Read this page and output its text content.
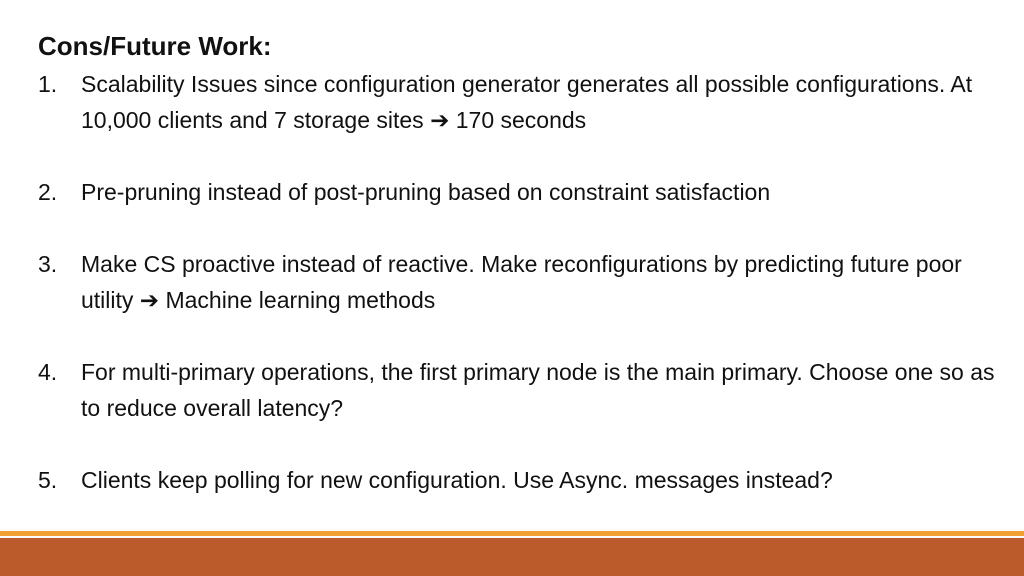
Cons/Future Work:
1.	Scalability Issues since configuration generator generates all possible configurations. At 10,000 clients and 7 storage sites ➔ 170 seconds
2.	Pre-pruning instead of post-pruning based on constraint satisfaction
3.	Make CS proactive instead of reactive. Make reconfigurations by predicting future poor utility ➔ Machine learning methods
4.	For multi-primary operations, the first primary node is the main primary. Choose one so as to reduce overall latency?
5.	Clients keep polling for new configuration. Use Async. messages instead?
